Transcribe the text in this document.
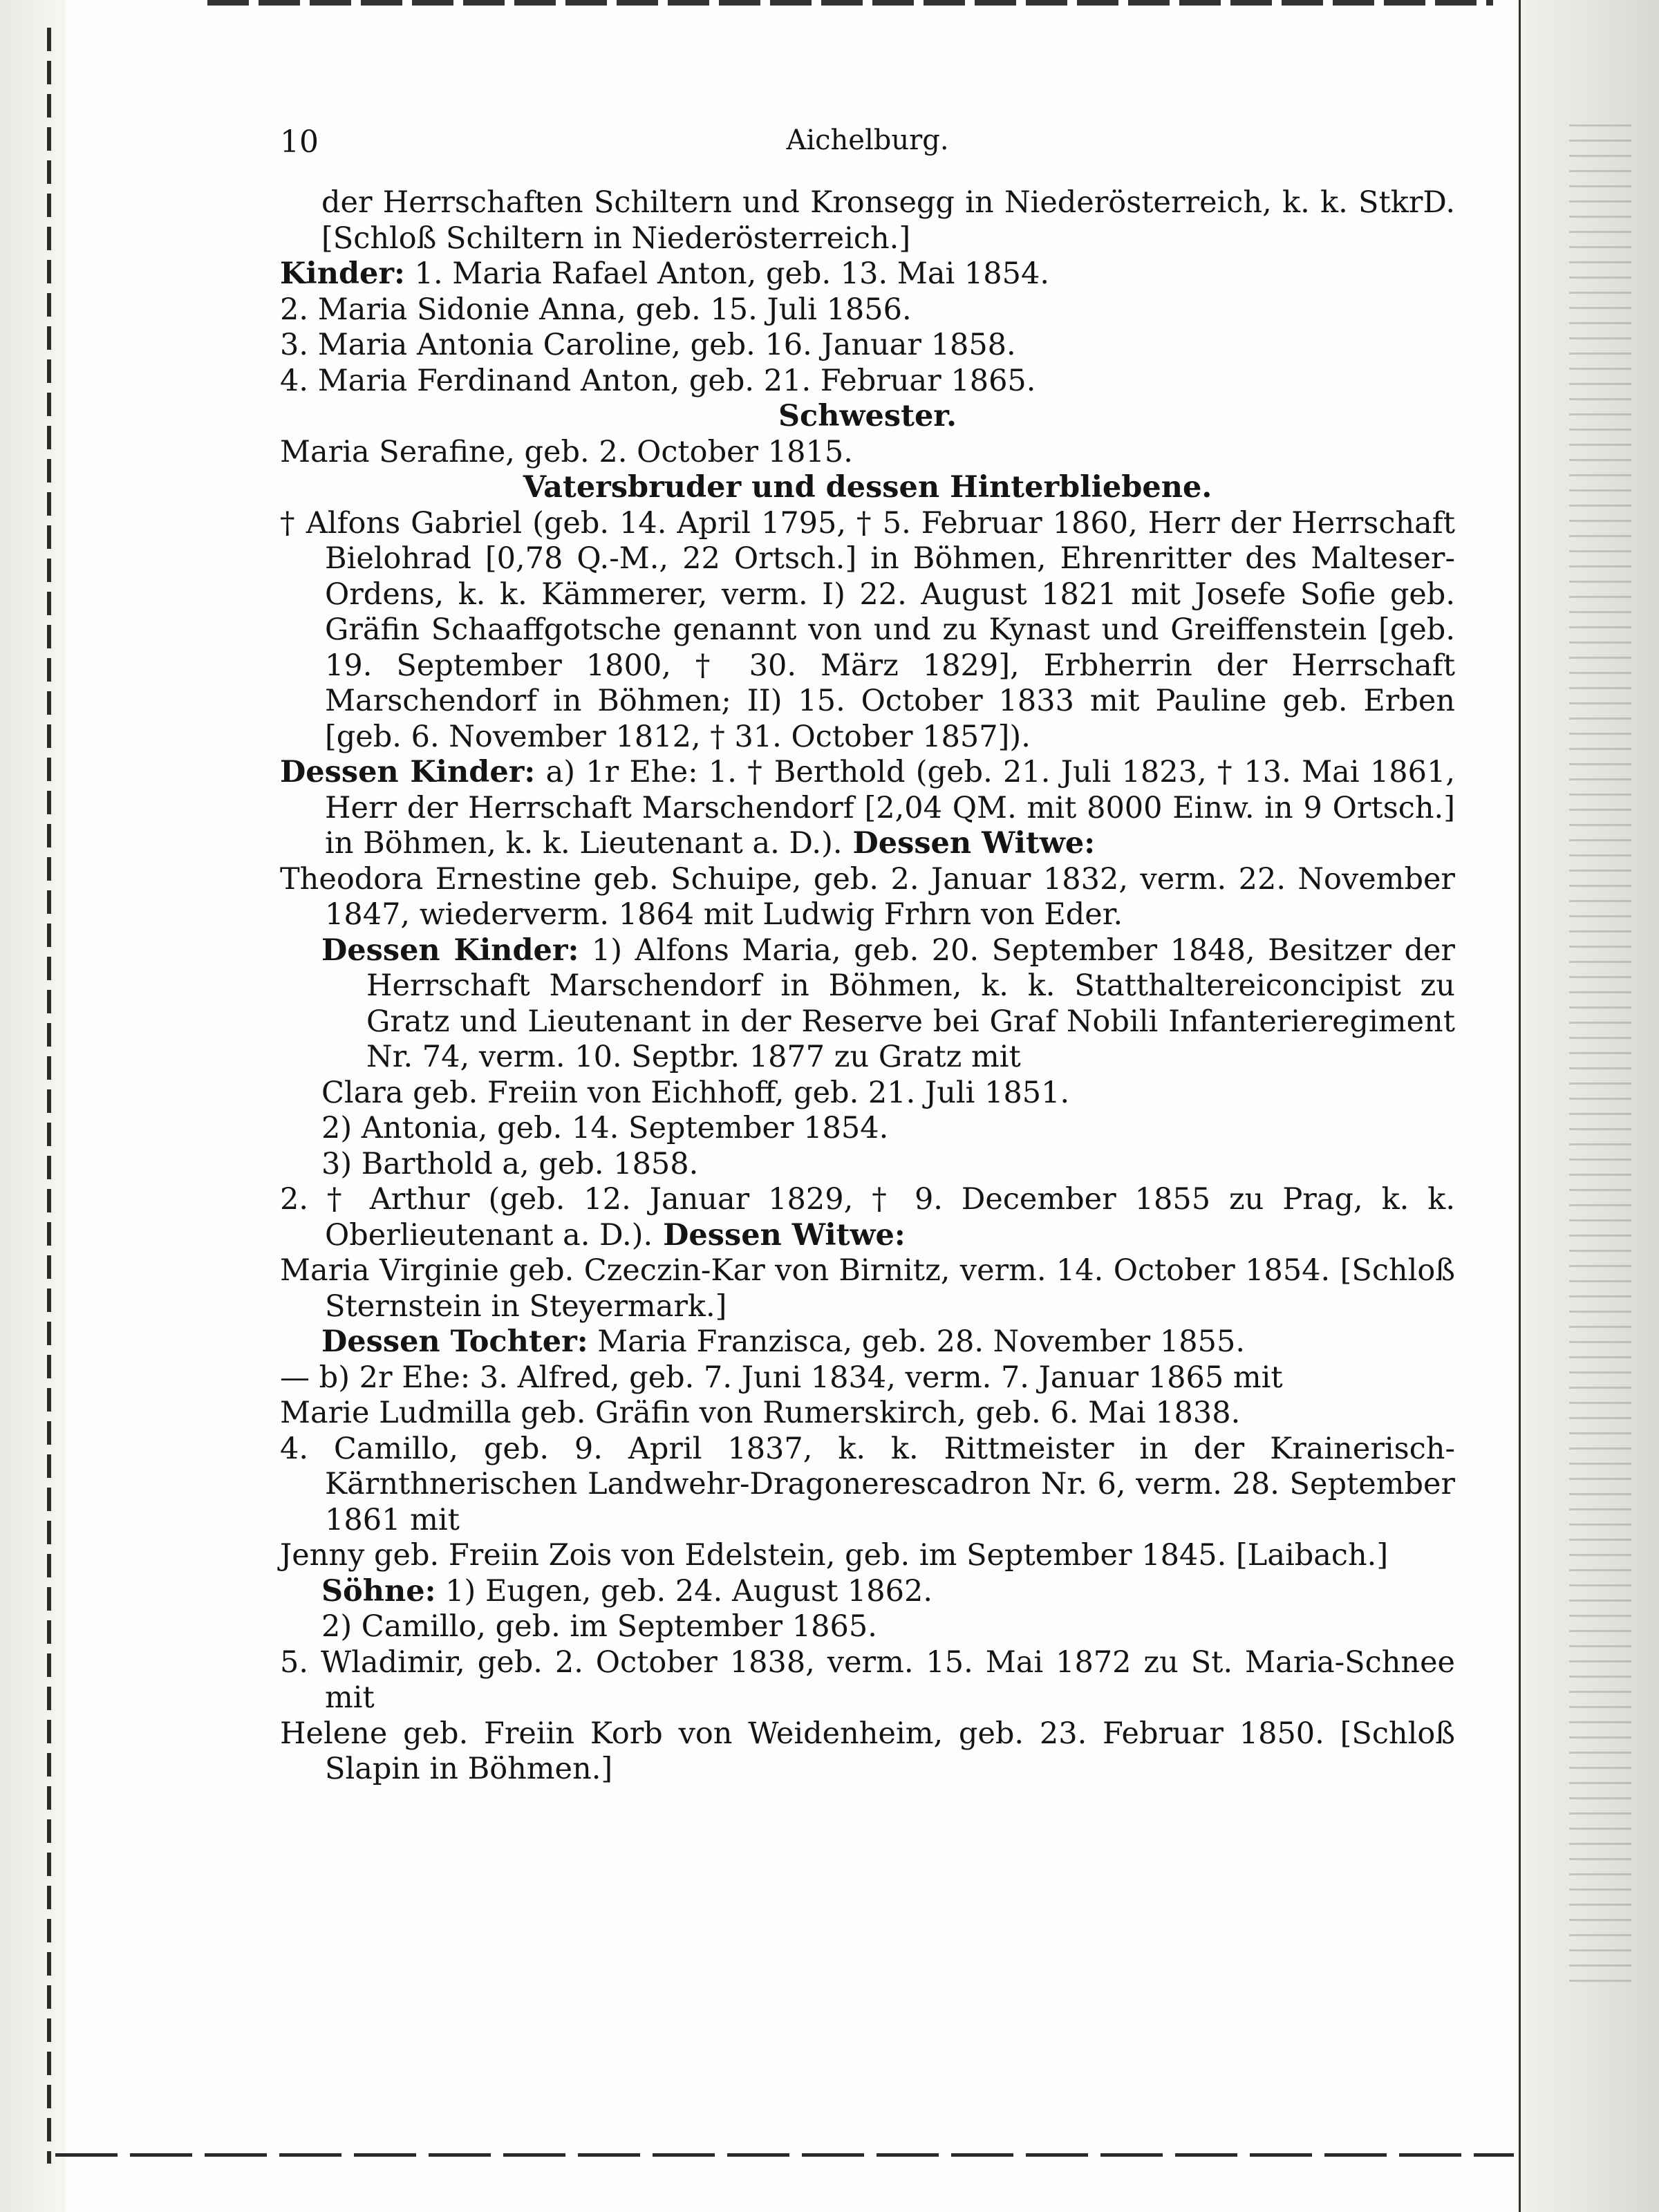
10	Aichelburg.
der Herrschaften Schiltern und Kronsegg in Niederösterreich, k. k. StkrD. [Schloß Schiltern in Niederösterreich.]
Kinder: 1. Maria Rafael Anton, geb. 13. Mai 1854.
2. Maria Sidonie Anna, geb. 15. Juli 1856.
3. Maria Antonia Caroline, geb. 16. Januar 1858.
4. Maria Ferdinand Anton, geb. 21. Februar 1865.
Schwester.
Maria Serafine, geb. 2. October 1815.
Vatersbruder und dessen Hinterbliebene.
† Alfons Gabriel (geb. 14. April 1795, † 5. Februar 1860, Herr der Herrschaft Bielohrad [0,78 Q.-M., 22 Ortsch.] in Böhmen, Ehrenritter des Malteser-Ordens, k. k. Kämmerer, verm. I) 22. August 1821 mit Josefe Sofie geb. Gräfin Schaaffgotsche genannt von und zu Kynast und Greiffenstein [geb. 19. September 1800, † 30. März 1829], Erbherrin der Herrschaft Marschendorf in Böhmen; II) 15. October 1833 mit Pauline geb. Erben [geb. 6. November 1812, † 31. October 1857]).
Dessen Kinder: a) 1r Ehe: 1. † Berthold (geb. 21. Juli 1823, † 13. Mai 1861, Herr der Herrschaft Marschendorf [2,04 QM. mit 8000 Einw. in 9 Ortsch.] in Böhmen, k. k. Lieutenant a. D.). Dessen Witwe:
Theodora Ernestine geb. Schuipe, geb. 2. Januar 1832, verm. 22. November 1847, wiederverm. 1864 mit Ludwig Frhrn von Eder.
Dessen Kinder: 1) Alfons Maria, geb. 20. September 1848, Besitzer der Herrschaft Marschendorf in Böhmen, k. k. Statthaltereiconcipist zu Gratz und Lieutenant in der Reserve bei Graf Nobili Infanterieregiment Nr. 74, verm. 10. Septbr. 1877 zu Gratz mit
Clara geb. Freiin von Eichhoff, geb. 21. Juli 1851.
2) Antonia, geb. 14. September 1854.
3) Barthold a, geb. 1858.
2. † Arthur (geb. 12. Januar 1829, † 9. December 1855 zu Prag, k. k. Oberlieutenant a. D.). Dessen Witwe:
Maria Virginie geb. Czeczin-Kar von Birnitz, verm. 14. October 1854. [Schloß Sternstein in Steyermark.]
Dessen Tochter: Maria Franzisca, geb. 28. November 1855.
— b) 2r Ehe: 3. Alfred, geb. 7. Juni 1834, verm. 7. Januar 1865 mit
Marie Ludmilla geb. Gräfin von Rumerskirch, geb. 6. Mai 1838.
4. Camillo, geb. 9. April 1837, k. k. Rittmeister in der Krainerisch-Kärnthnerischen Landwehr-Dragonerescadron Nr. 6, verm. 28. September 1861 mit
Jenny geb. Freiin Zois von Edelstein, geb. im September 1845. [Laibach.]
Söhne: 1) Eugen, geb. 24. August 1862.
2) Camillo, geb. im September 1865.
5. Wladimir, geb. 2. October 1838, verm. 15. Mai 1872 zu St. Maria-Schnee mit
Helene geb. Freiin Korb von Weidenheim, geb. 23. Februar 1850. [Schloß Slapin in Böhmen.]
